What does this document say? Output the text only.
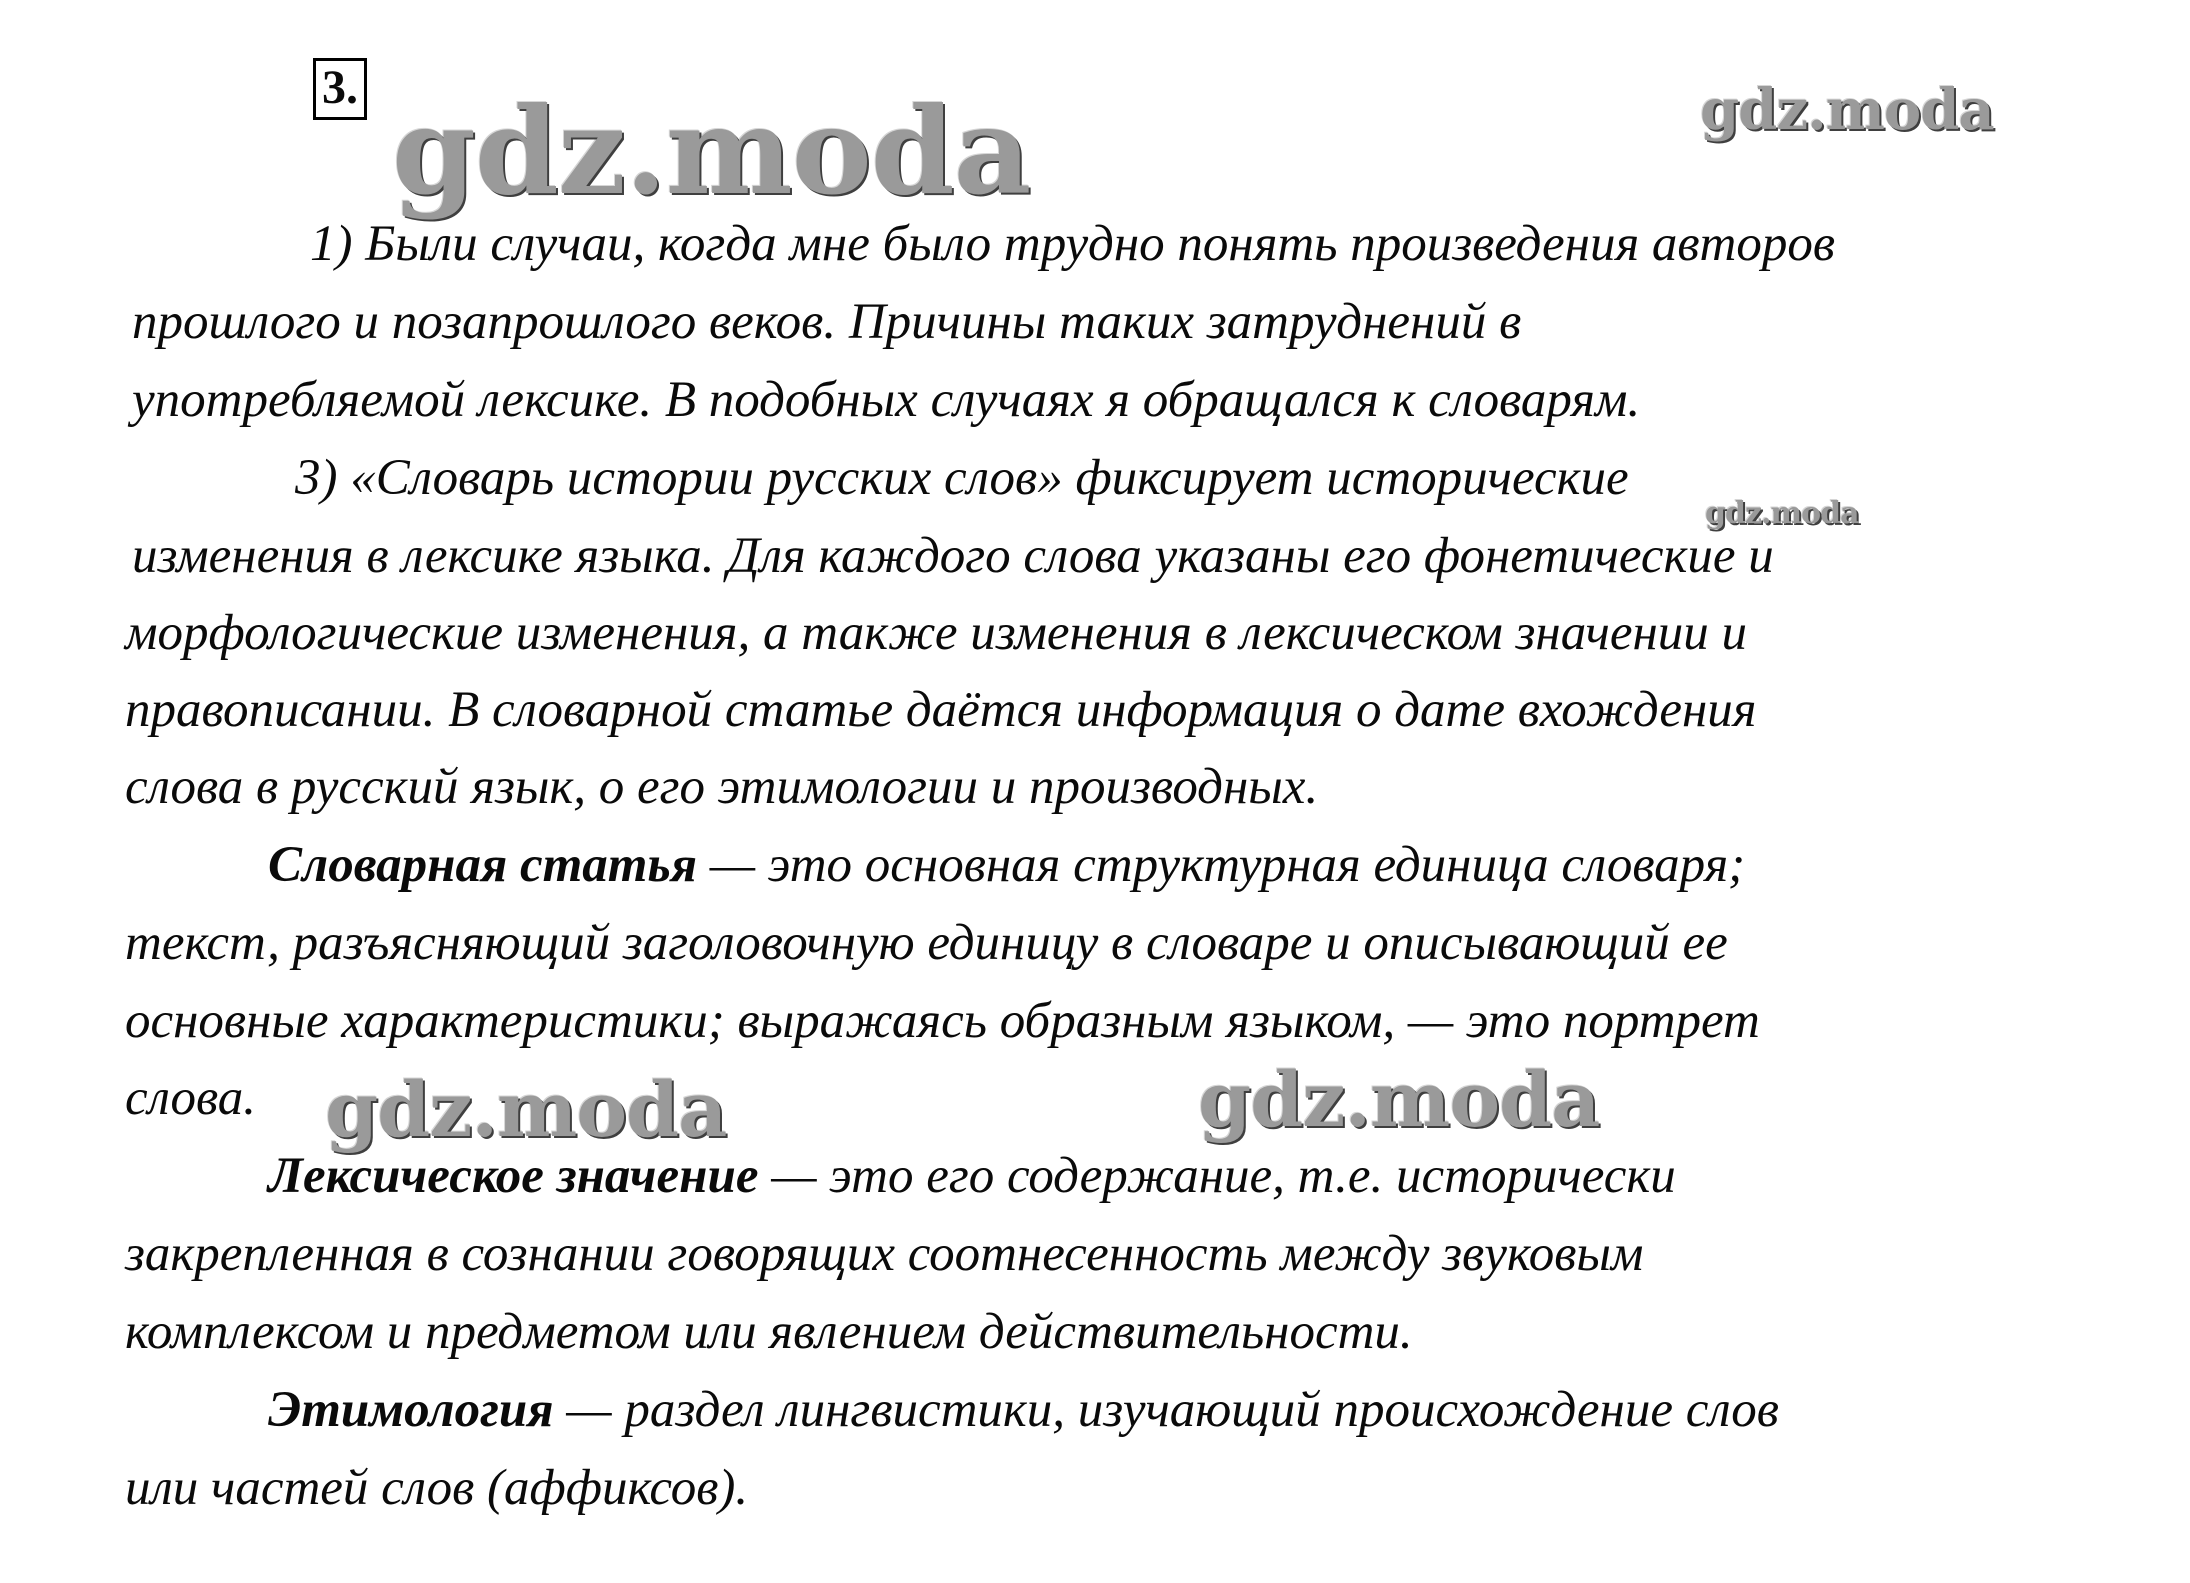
3. gdz.moda	gdz.moda
gdz.moda
gdz.moda	gdz.moda
1) Были случаи, когда мне было трудно понять произведения авторов
прошлого и позапрошлого веков. Причины таких затруднений в
употребляемой лексике. В подобных случаях я обращался к словарям.
3) «Словарь истории русских слов» фиксирует исторические
изменения в лексике языка. Для каждого слова указаны его фонетические и
морфологические изменения, а также изменения в лексическом значении и
правописании. В словарной статье даётся информация о дате вхождения
слова в русский язык, о его этимологии и производных.
Словарная статья — это основная структурная единица словаря;
текст, разъясняющий заголовочную единицу в словаре и описывающий ее
основные характеристики; выражаясь образным языком, — это портрет
слова.
Лексическое значение — это его содержание, т.е. исторически
закрепленная в сознании говорящих соотнесенность между звуковым
комплексом и предметом или явлением действительности.
Этимология — раздел лингвистики, изучающий происхождение слов
или частей слов (аффиксов).
